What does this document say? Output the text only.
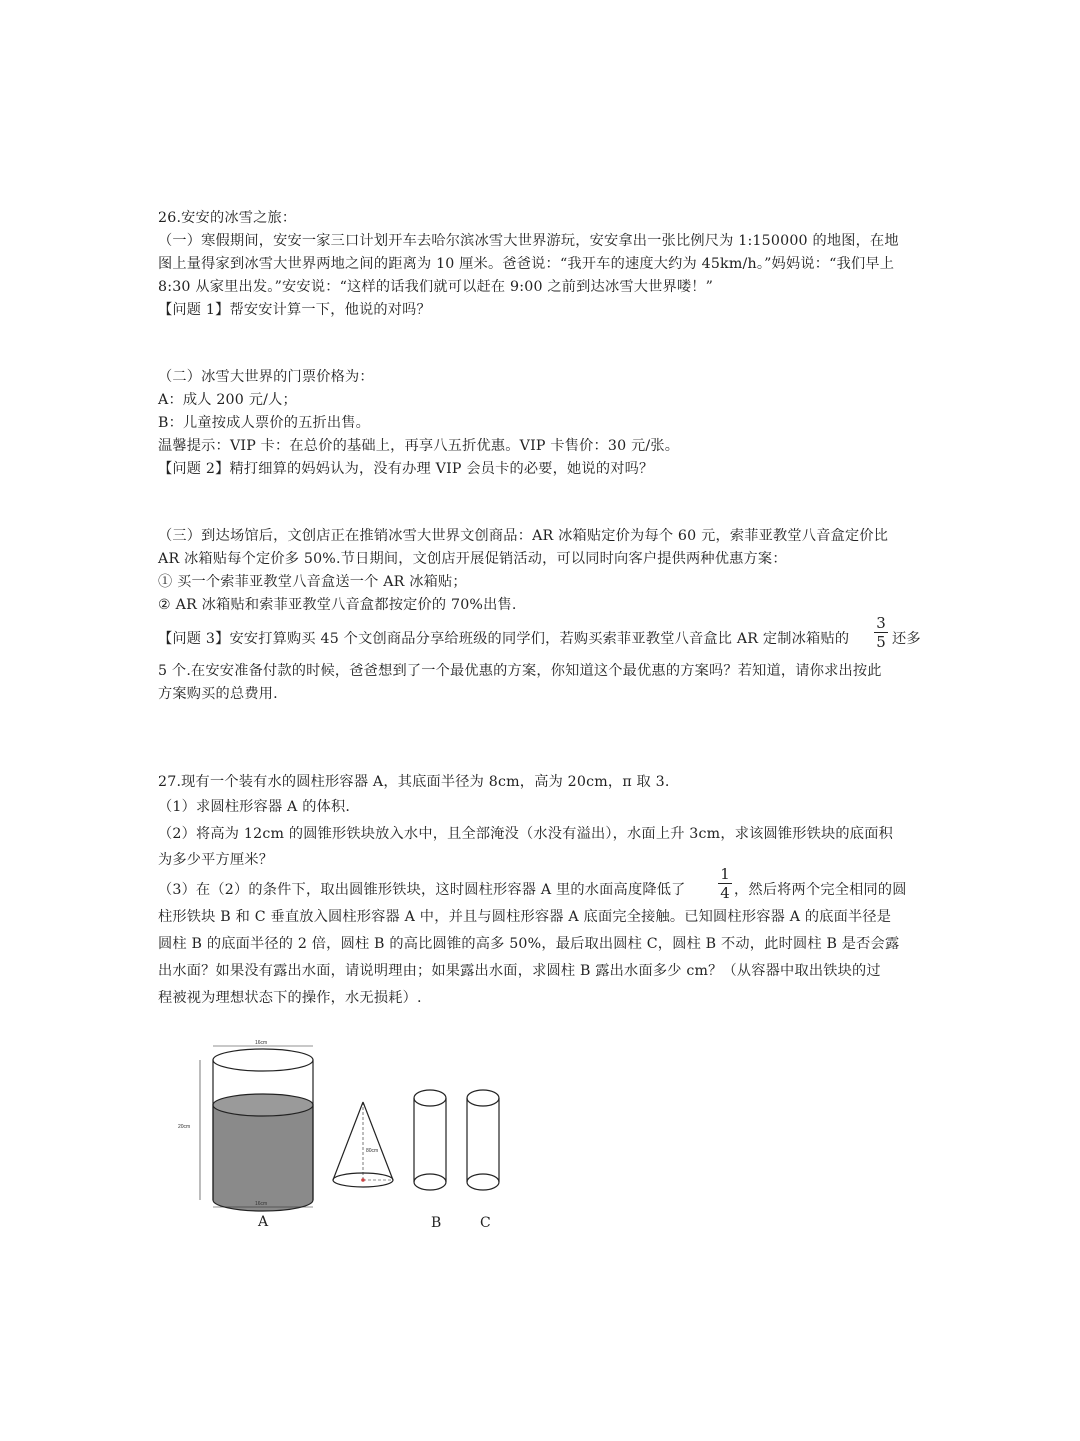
26.安安的冰雪之旅：
（一）寒假期间，安安一家三口计划开车去哈尔滨冰雪大世界游玩，安安拿出一张比例尺为 1:150000 的地图，在地
图上量得家到冰雪大世界两地之间的距离为 10 厘米。爸爸说：“我开车的速度大约为 45km/h。”妈妈说：“我们早上
8:30 从家里出发。”安安说：“这样的话我们就可以赶在 9:00 之前到达冰雪大世界喽！”
【问题 1】帮安安计算一下，他说的对吗？
（二）冰雪大世界的门票价格为：
A：成人 200 元/人；
B：儿童按成人票价的五折出售。
温馨提示：VIP 卡：在总价的基础上，再享八五折优惠。VIP 卡售价：30 元/张。
【问题 2】精打细算的妈妈认为，没有办理 VIP 会员卡的必要，她说的对吗？
（三）到达场馆后，文创店正在推销冰雪大世界文创商品：AR 冰箱贴定价为每个 60 元，索菲亚教堂八音盒定价比
AR 冰箱贴每个定价多 50%.节日期间，文创店开展促销活动，可以同时向客户提供两种优惠方案：
① 买一个索菲亚教堂八音盒送一个 AR 冰箱贴；
② AR 冰箱贴和索菲亚教堂八音盒都按定价的 70%出售.
【问题 3】安安打算购买 45 个文创商品分享给班级的同学们，若购买索菲亚教堂八音盒比 AR 定制冰箱贴的
3
5 还多
5 个.在安安准备付款的时候，爸爸想到了一个最优惠的方案，你知道这个最优惠的方案吗？若知道，请你求出按此
方案购买的总费用.
27.现有一个装有水的圆柱形容器 A，其底面半径为 8cm，高为 20cm，π 取 3.
（1）求圆柱形容器 A 的体积.
（2）将高为 12cm 的圆锥形铁块放入水中，且全部淹没（水没有溢出），水面上升 3cm，求该圆锥形铁块的底面积
为多少平方厘米？
（3）在（2）的条件下，取出圆锥形铁块，这时圆柱形容器 A 里的水面高度降低了
1
4 ，然后将两个完全相同的圆
柱形铁块 B 和 C 垂直放入圆柱形容器 A 中，并且与圆柱形容器 A 底面完全接触。已知圆柱形容器 A 的底面半径是
圆柱 B 的底面半径的 2 倍，圆柱 B 的高比圆锥的高多 50%，最后取出圆柱 C，圆柱 B 不动，此时圆柱 B 是否会露
出水面？如果没有露出水面，请说明理由；如果露出水面，求圆柱 B 露出水面多少 cm？（从容器中取出铁块的过
程被视为理想状态下的操作，水无损耗）.
16cm
16cm
20cm
80cm
A	B	C
